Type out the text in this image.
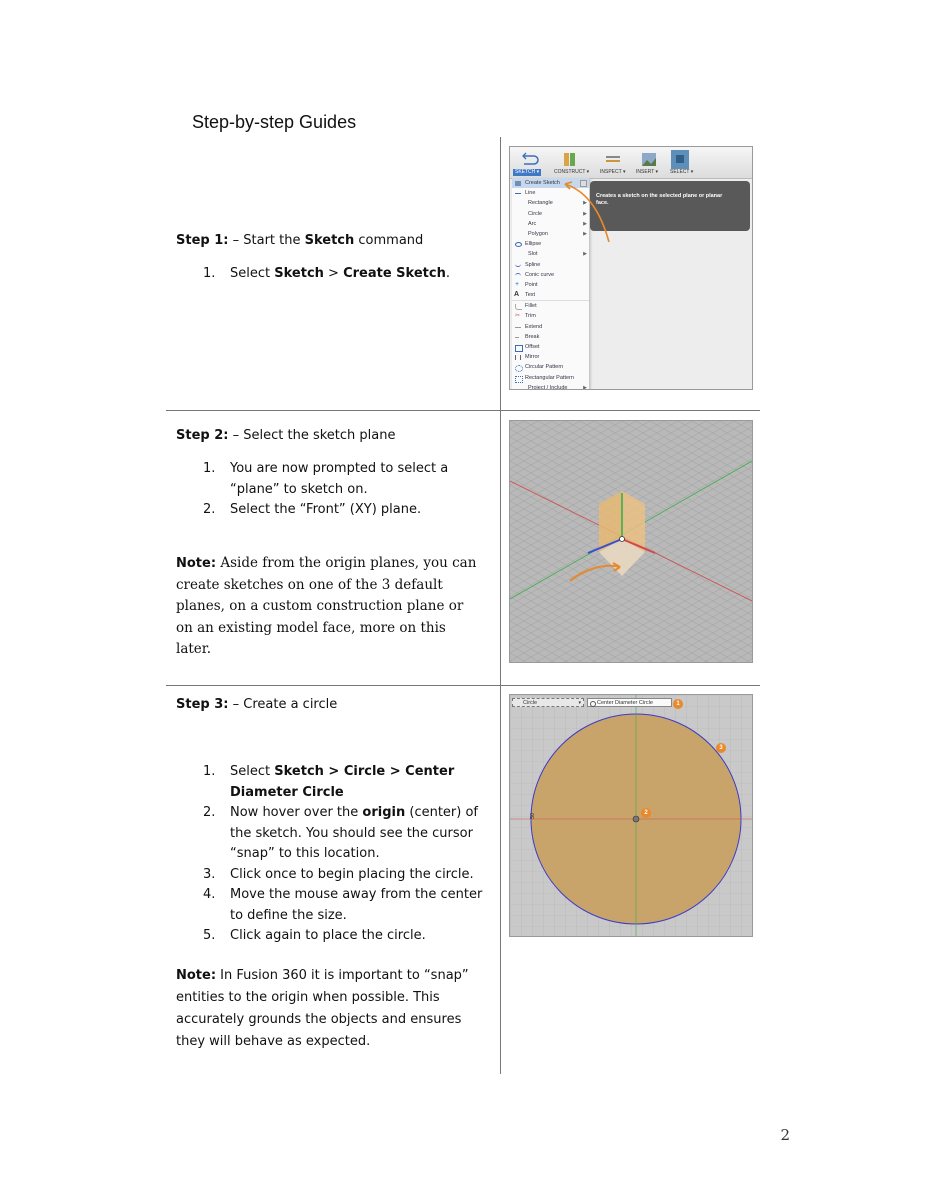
Step-by-step Guides
Step 1: – Start the Sketch command
1. Select Sketch > Create Sketch.
Step 2: – Select the sketch plane
1. You are now prompted to select a “plane” to sketch on.
2. Select the “Front” (XY) plane.
Note: Aside from the origin planes, you can create sketches on one of the 3 default planes, on a custom construction plane or on an existing model face, more on this later.
Step 3: – Create a circle
1. Select Sketch > Circle > Center Diameter Circle
2. Now hover over the origin (center) of the sketch. You should see the cursor “snap” to this location.
3. Click once to begin placing the circle.
4. Move the mouse away from the center to define the size.
5. Click again to place the circle.
Note: In Fusion 360 it is important to “snap” entities to the origin when possible. This accurately grounds the objects and ensures they will behave as expected.
SKETCH ▾	CONSTRUCT ▾ INSPECT ▾ INSERT ▾ SELECT ▾
Create Sketch
Line
Rectangle	▶
Circle	▶
Arc	▶
Polygon	▶
Ellipse
Slot	▶
Spline
Conic curve
+ Point
A Text
Fillet
✂ Trim
Extend
Break
Offset
Mirror
Circular Pattern
Rectangular Pattern
Project / Include	▶
Creates a sketch on the selected plane or planar face.
Circle	▾	Center Diameter Circle	1
2
3
50
2
